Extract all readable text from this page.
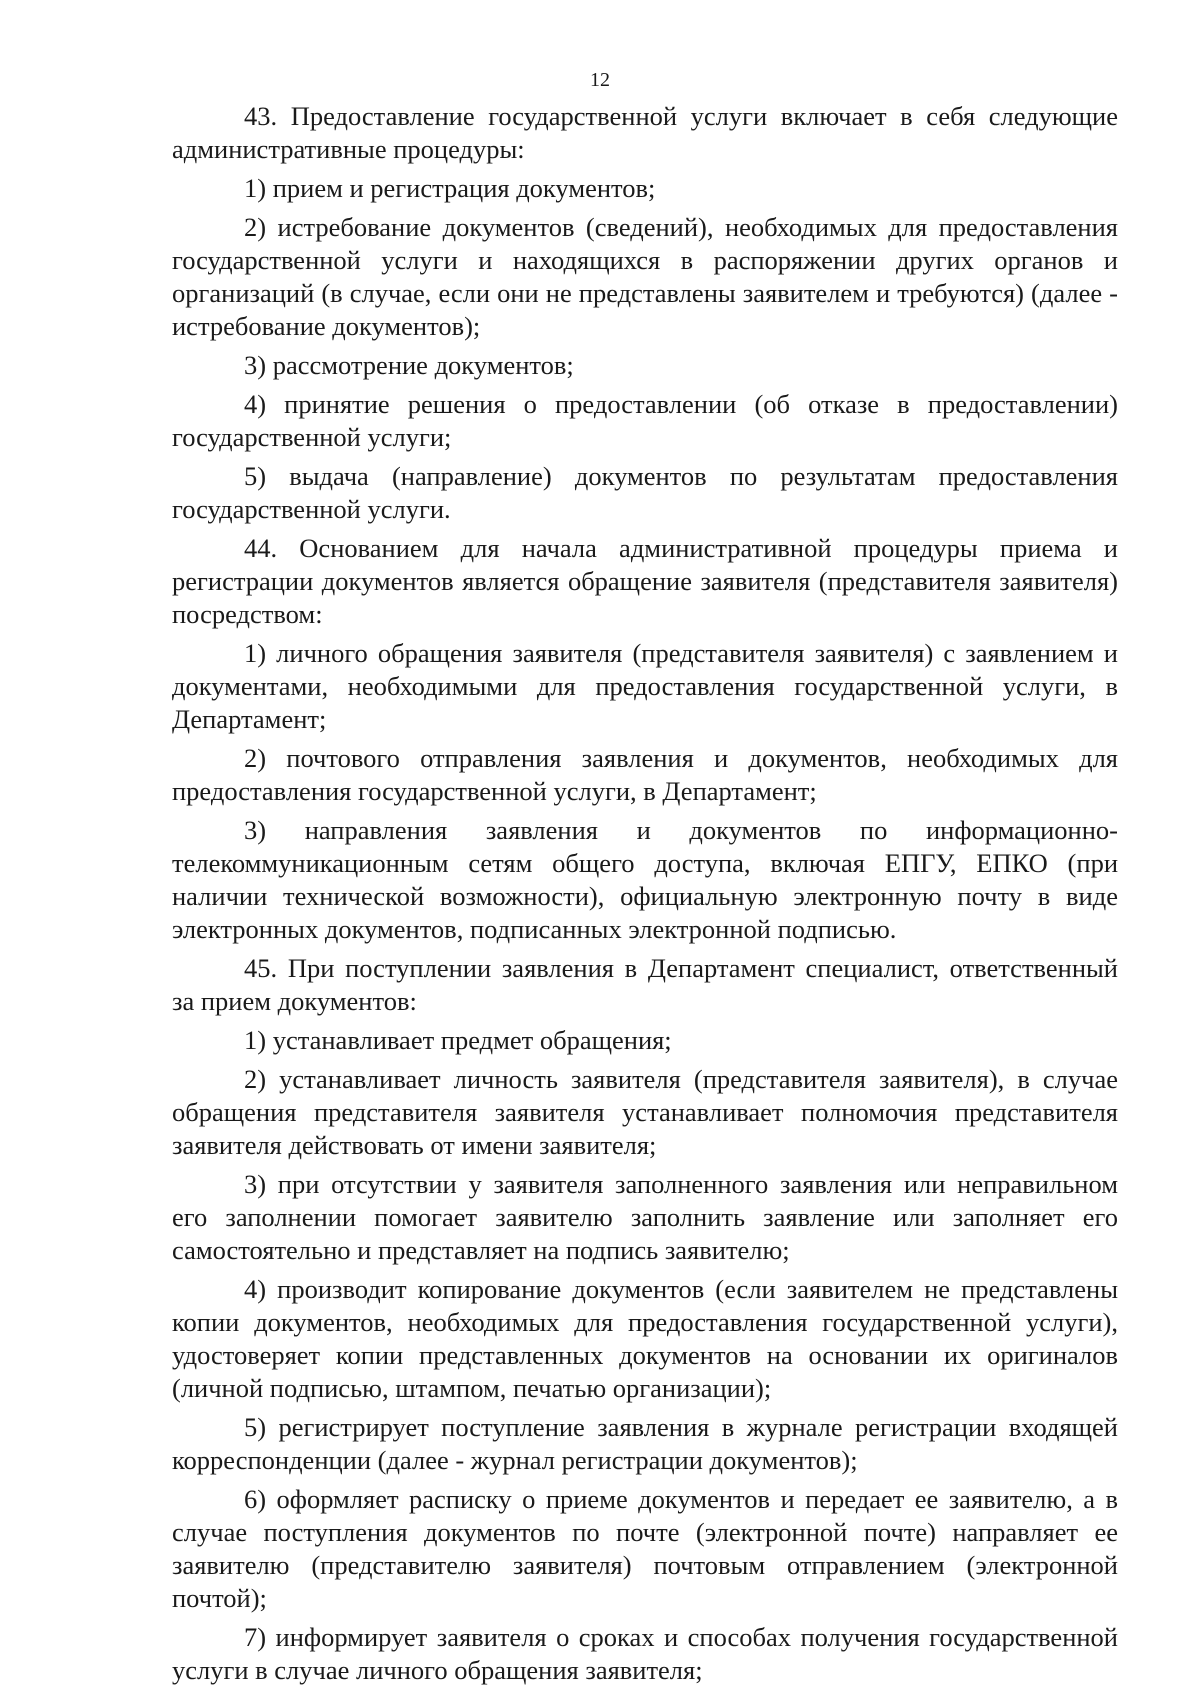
12

43. Предоставление государственной услуги включает в себя следующие административные процедуры:

1) прием и регистрация документов;

2) истребование документов (сведений), необходимых для предоставления государственной услуги и находящихся в распоряжении других органов и организаций (в случае, если они не представлены заявителем и требуются) (далее - истребование документов);

3) рассмотрение документов;

4) принятие решения о предоставлении (об отказе в предоставлении) государственной услуги;

5) выдача (направление) документов по результатам предоставления государственной услуги.

44. Основанием для начала административной процедуры приема и регистрации документов является обращение заявителя (представителя заявителя) посредством:

1) личного обращения заявителя (представителя заявителя) с заявлением и документами, необходимыми для предоставления государственной услуги, в Департамент;

2) почтового отправления заявления и документов, необходимых для предоставления государственной услуги, в Департамент;

3) направления заявления и документов по информационно-телекоммуникационным сетям общего доступа, включая ЕПГУ, ЕПКО (при наличии технической возможности), официальную электронную почту в виде электронных документов, подписанных электронной подписью.

45. При поступлении заявления в Департамент специалист, ответственный за прием документов:

1) устанавливает предмет обращения;

2) устанавливает личность заявителя (представителя заявителя), в случае обращения представителя заявителя устанавливает полномочия представителя заявителя действовать от имени заявителя;

3) при отсутствии у заявителя заполненного заявления или неправильном его заполнении помогает заявителю заполнить заявление или заполняет его самостоятельно и представляет на подпись заявителю;

4) производит копирование документов (если заявителем не представлены копии документов, необходимых для предоставления государственной услуги), удостоверяет копии представленных документов на основании их оригиналов (личной подписью, штампом, печатью организации);

5) регистрирует поступление заявления в журнале регистрации входящей корреспонденции (далее - журнал регистрации документов);

6) оформляет расписку о приеме документов и передает ее заявителю, а в случае поступления документов по почте (электронной почте) направляет ее заявителю (представителю заявителя) почтовым отправлением (электронной почтой);

7) информирует заявителя о сроках и способах получения государственной услуги в случае личного обращения заявителя;
